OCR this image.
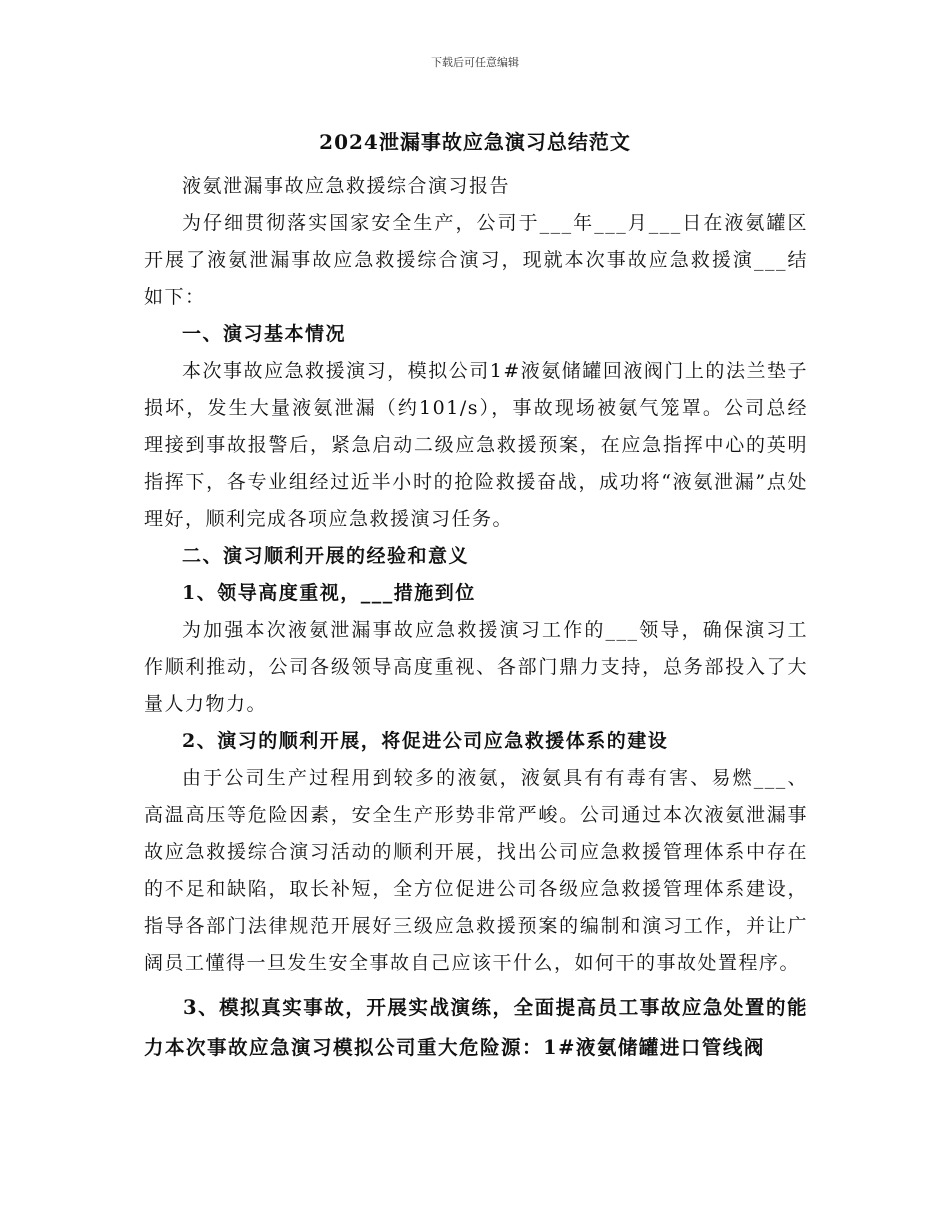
下载后可任意编辑
2024泄漏事故应急演习总结范文

液氨泄漏事故应急救援综合演习报告

为仔细贯彻落实国家安全生产，公司于___年___月___日在液氨罐区开展了液氨泄漏事故应急救援综合演习，现就本次事故应急救援演___结如下：

一、演习基本情况

本次事故应急救援演习，模拟公司1#液氨储罐回液阀门上的法兰垫子损坏，发生大量液氨泄漏（约101/s），事故现场被氨气笼罩。公司总经理接到事故报警后，紧急启动二级应急救援预案，在应急指挥中心的英明指挥下，各专业组经过近半小时的抢险救援奋战，成功将“液氨泄漏”点处理好，顺利完成各项应急救援演习任务。

二、演习顺利开展的经验和意义

1、领导高度重视，___措施到位

为加强本次液氨泄漏事故应急救援演习工作的___领导，确保演习工作顺利推动，公司各级领导高度重视、各部门鼎力支持，总务部投入了大量人力物力。

2、演习的顺利开展，将促进公司应急救援体系的建设

由于公司生产过程用到较多的液氨，液氨具有有毒有害、易燃___、高温高压等危险因素，安全生产形势非常严峻。公司通过本次液氨泄漏事故应急救援综合演习活动的顺利开展，找出公司应急救援管理体系中存在的不足和缺陷，取长补短，全方位促进公司各级应急救援管理体系建设，指导各部门法律规范开展好三级应急救援预案的编制和演习工作，并让广阔员工懂得一旦发生安全事故自己应该干什么，如何干的事故处置程序。

3、模拟真实事故，开展实战演练，全面提高员工事故应急处置的能力本次事故应急演习模拟公司重大危险源：1#液氨储罐进口管线阀
